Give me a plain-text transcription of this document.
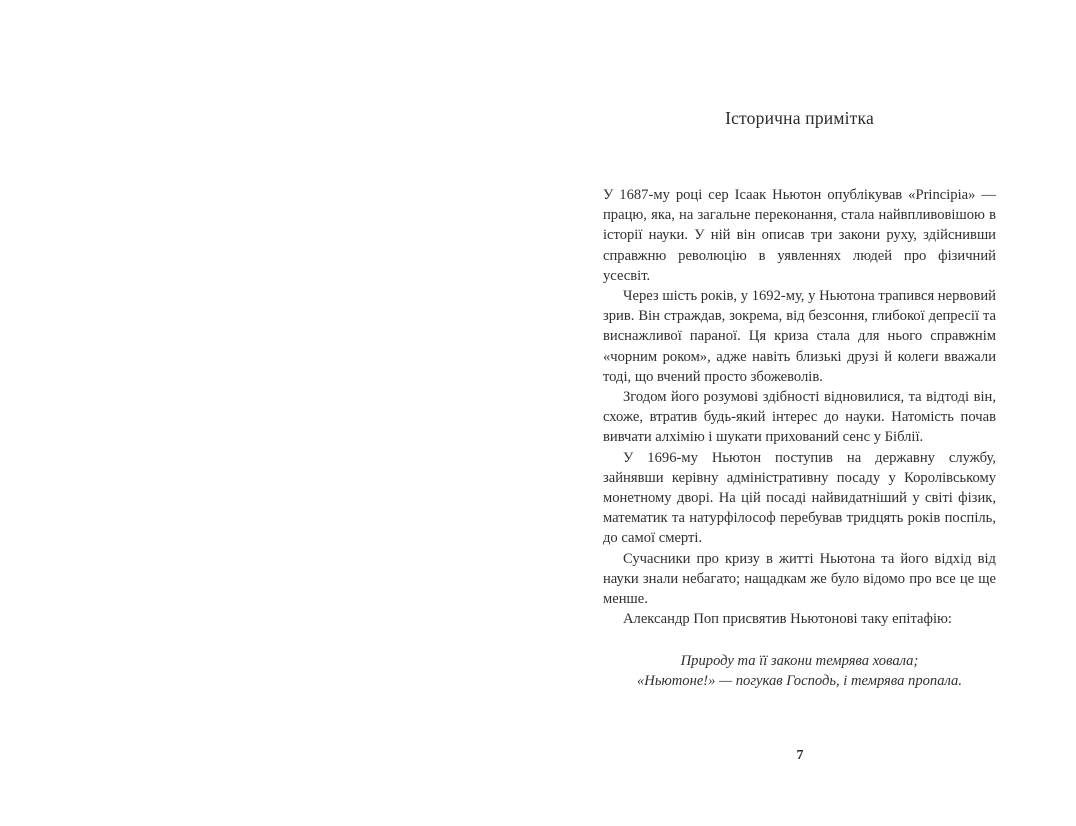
Історична примітка

У 1687-му році сер Ісаак Ньютон опублікував «Principia» — працю, яка, на загальне переконання, стала найвпливовішою в історії науки. У ній він описав три закони руху, здійснивши справжню революцію в уявленнях людей про фізичний усесвіт.

Через шість років, у 1692-му, у Ньютона трапився нервовий зрив. Він страждав, зокрема, від безсоння, глибокої депресії та виснажливої параної. Ця криза стала для нього справжнім «чорним роком», адже навіть близькі друзі й колеги вважали тоді, що вчений просто збожеволів.

Згодом його розумові здібності відновилися, та відтоді він, схоже, втратив будь-який інтерес до науки. Натомість почав вивчати алхімію і шукати прихований сенс у Біблії.

У 1696-му Ньютон поступив на державну службу, зайнявши керівну адміністративну посаду у Королівському монетному дворі. На цій посаді найвидатніший у світі фізик, математик та натурфілософ перебував тридцять років поспіль, до самої смерті.

Сучасники про кризу в житті Ньютона та його відхід від науки знали небагато; нащадкам же було відомо про все це ще менше.

Александр Поп присвятив Ньютонові таку епітафію:

Природу та її закони темрява ховала;
«Ньютоне!» — погукав Господь, і темрява пропала.
7
